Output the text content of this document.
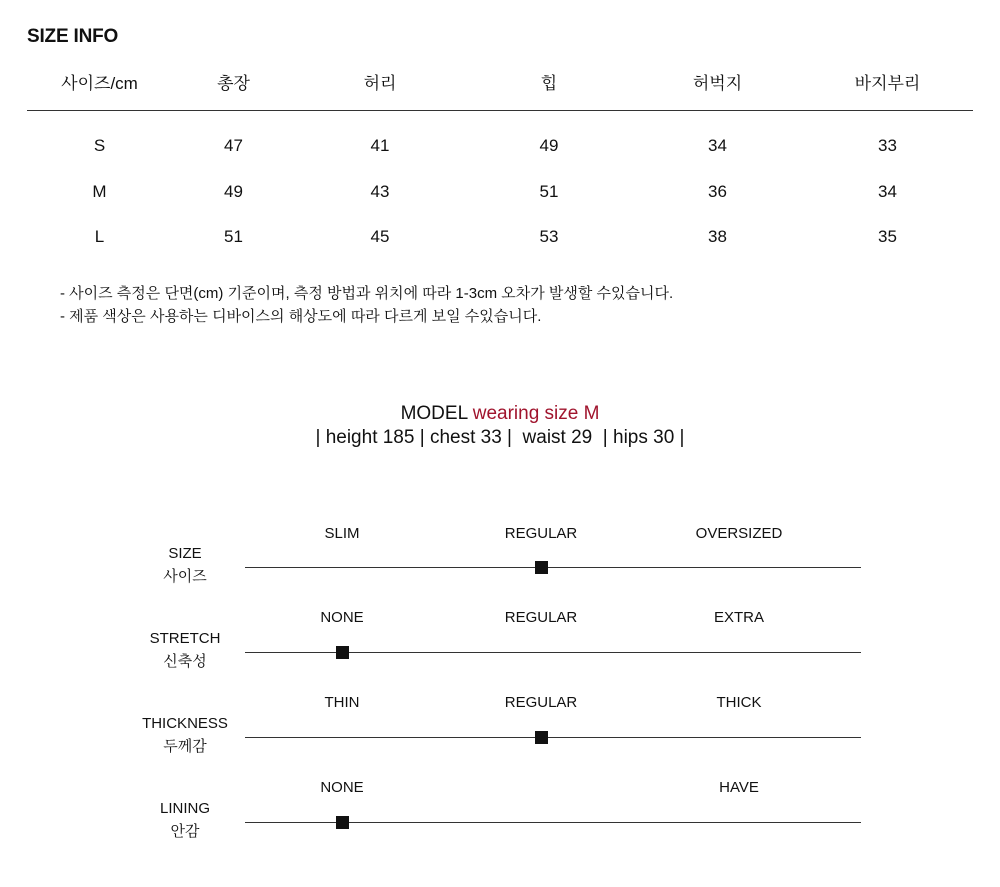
SIZE INFO
사이즈/cm	총장	허리	힙	허벅지	바지부리
S	47	41	49	34	33
M	49	43	51	36	34
L	51	45	53	38	35
- 사이즈 측정은 단면(cm) 기준이며, 측정 방법과 위치에 따라 1-3cm 오차가 발생할 수있습니다.
- 제품 색상은 사용하는 디바이스의 해상도에 따라 다르게 보일 수있습니다.
MODEL wearing size M
| height 185 | chest 33 |  waist 29  | hips 30 |
SIZE
사이즈
SLIM	REGULAR	OVERSIZED
STRETCH
신축성
NONE	REGULAR	EXTRA
THICKNESS
두께감
THIN	REGULAR	THICK
LINING
안감
NONE	HAVE
